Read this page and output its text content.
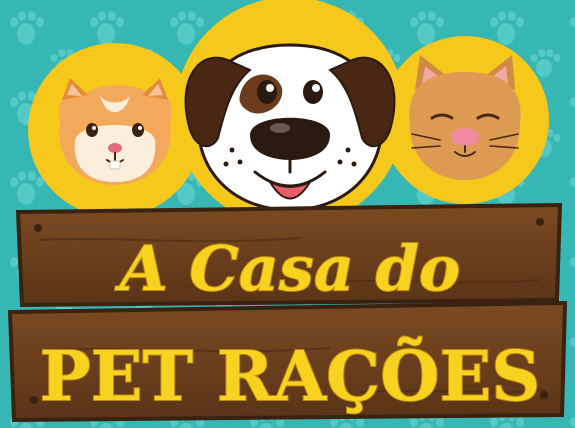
A Casa do
PET RAÇÕES
